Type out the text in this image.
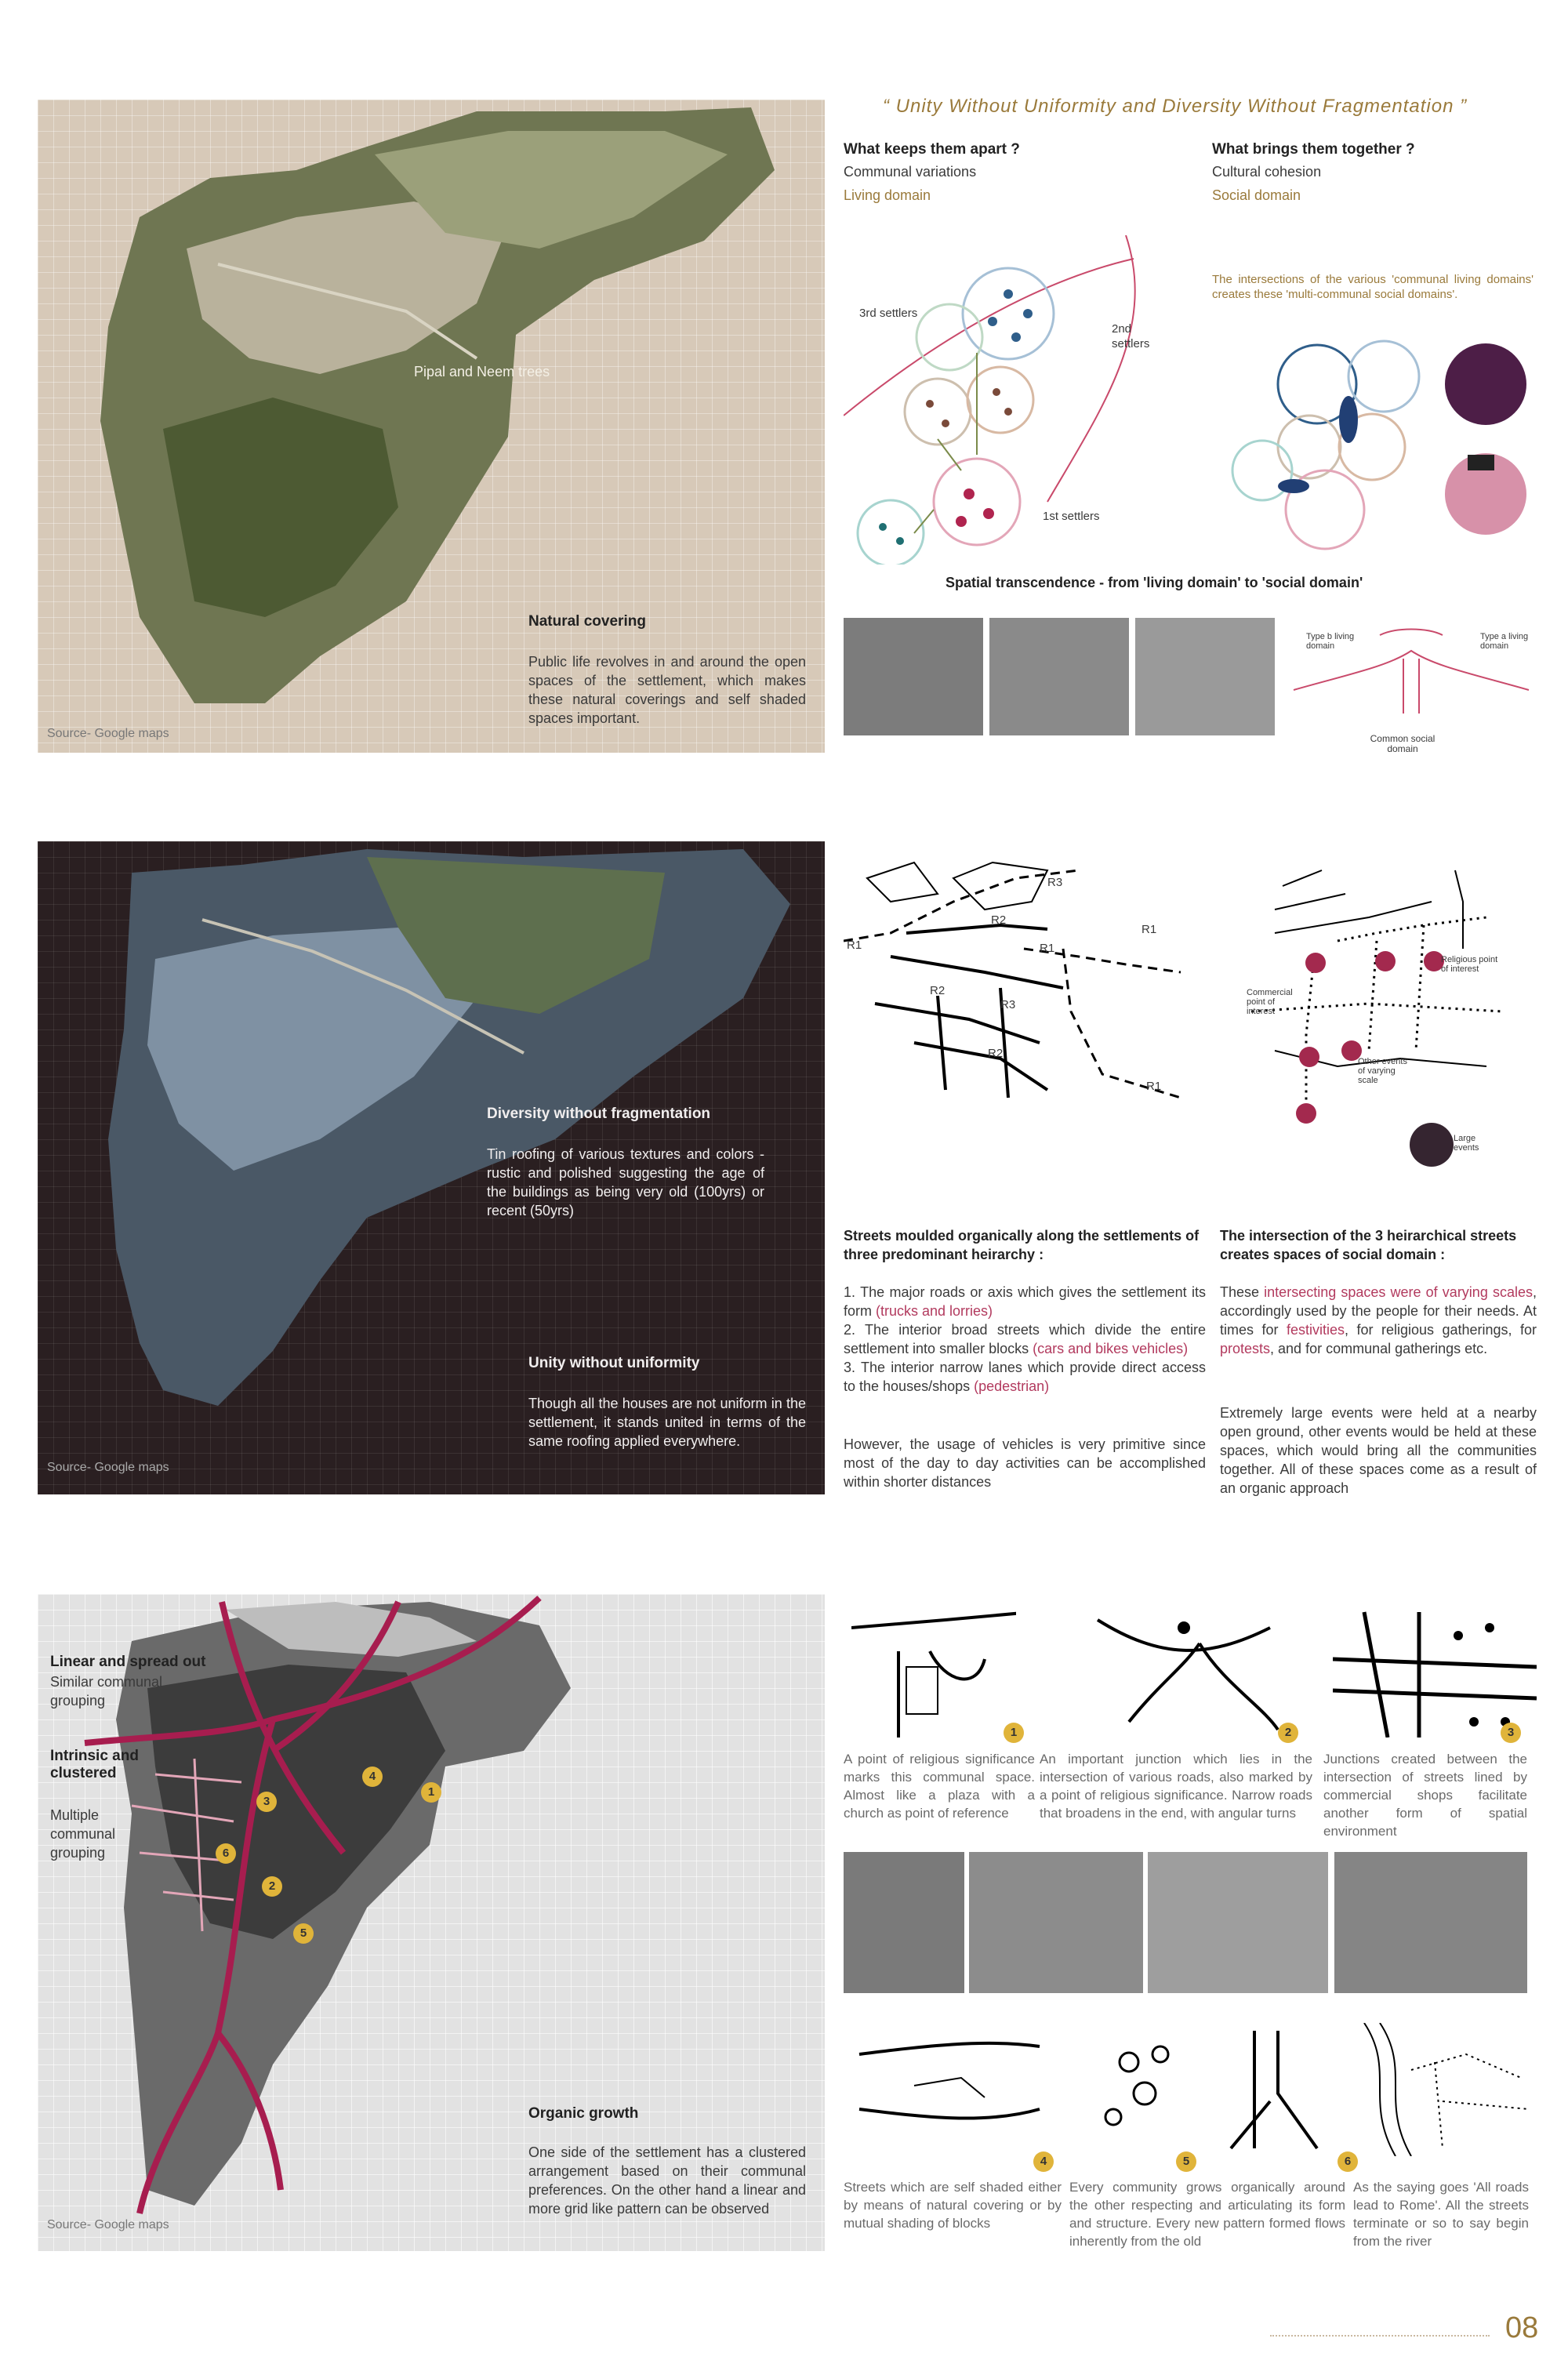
Pipal and Neem trees
Natural covering
Public life revolves in and around the open spaces of the settlement, which makes these natural coverings and self shaded spaces important.
Source- Google maps
“ Unity Without Uniformity and Diversity Without Fragmentation ”
What keeps them apart ?
Communal variations
Living domain
What brings them together ?
Cultural cohesion
Social domain
The intersections of the various 'communal living domains' creates these 'multi-communal social domains'.
3rd settlers
2nd settlers
1st settlers
Spatial transcendence - from 'living domain' to 'social domain'
Type b living domain
Type a living domain
Common social domain
Diversity without fragmentation
Tin roofing of various textures and colors - rustic and polished suggesting the age of the buildings as being very old (100yrs) or recent (50yrs)
Unity without uniformity
Though all the houses are not uniform in the settlement, it stands united in terms of the same roofing applied everywhere.
Source- Google maps
R1	R1
R1
R1
R2
R2
R2
R3
R3
Religious point of interest
Commercial point of interest
Other events of varying scale
Large events
Streets moulded organically along the settlements of three predominant heirarchy :
1. The major roads or axis which gives the settlement its form (trucks and lorries)
2. The interior broad streets which divide the entire settlement into smaller blocks (cars and bikes vehicles)
3. The interior narrow lanes which provide direct access to the houses/shops (pedestrian)
However, the usage of vehicles is very primitive since most of the day to day activities can be accomplished within shorter distances
The intersection of the 3 heirarchical streets creates spaces of social domain :
These intersecting spaces were of varying scales, accordingly used by the people for their needs. At times for festivities, for religious gatherings, for protests, and for communal gatherings etc.
Extremely large events were held at a nearby open ground, other events would be held at these spaces, which would bring all the communities together. All of these spaces come as a result of an organic approach
1
2
3
4
5
6
Linear and spread out
Similar communal grouping
Intrinsic and clustered
Multiple communal grouping
Organic growth
One side of the settlement has a clustered arrangement based on their communal preferences. On the other hand a linear and more grid like pattern can be observed
Source- Google maps
1	2	3
A point of religious significance marks this communal space. Almost like a plaza with a church as point of reference
An important junction which lies in the intersection of various roads, also marked by a point of religious significance. Narrow roads that broadens in the end, with angular turns
Junctions created between the intersection of streets lined by commercial shops facilitate another form of spatial environment
4	5	6
Streets which are self shaded either by means of natural covering or by mutual shading of blocks
Every community grows organically around the other respecting and articulating its form and structure. Every new pattern formed flows inherently from the old
As the saying goes 'All roads lead to Rome'. All the streets terminate or so to say begin from the river
08
